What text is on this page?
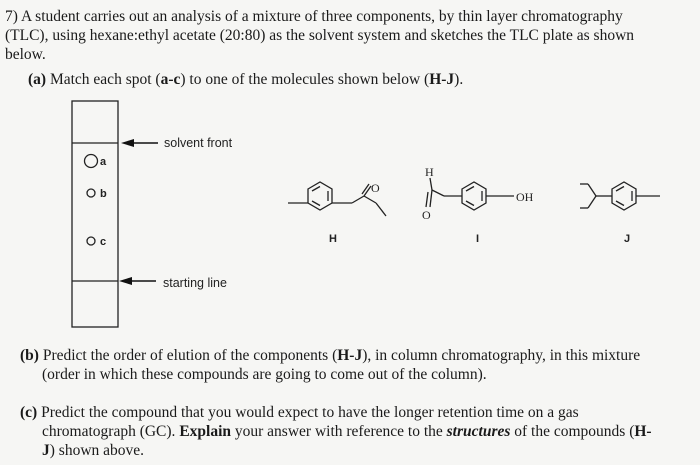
7) A student carries out an analysis of a mixture of three components, by thin layer chromatography
(TLC), using hexane:ethyl acetate (20:80) as the solvent system and sketches the TLC plate as shown
below.
(a) Match each spot (a-c) to one of the molecules shown below (H-J).
a
b
c
solvent front
starting line
O
H
H
O
OH
I	J
(b) Predict the order of elution of the components (H-J), in column chromatography, in this mixture
(order in which these compounds are going to come out of the column).
(c) Predict the compound that you would expect to have the longer retention time on a gas
chromatograph (GC). Explain your answer with reference to the structures of the compounds (H-
J) shown above.
